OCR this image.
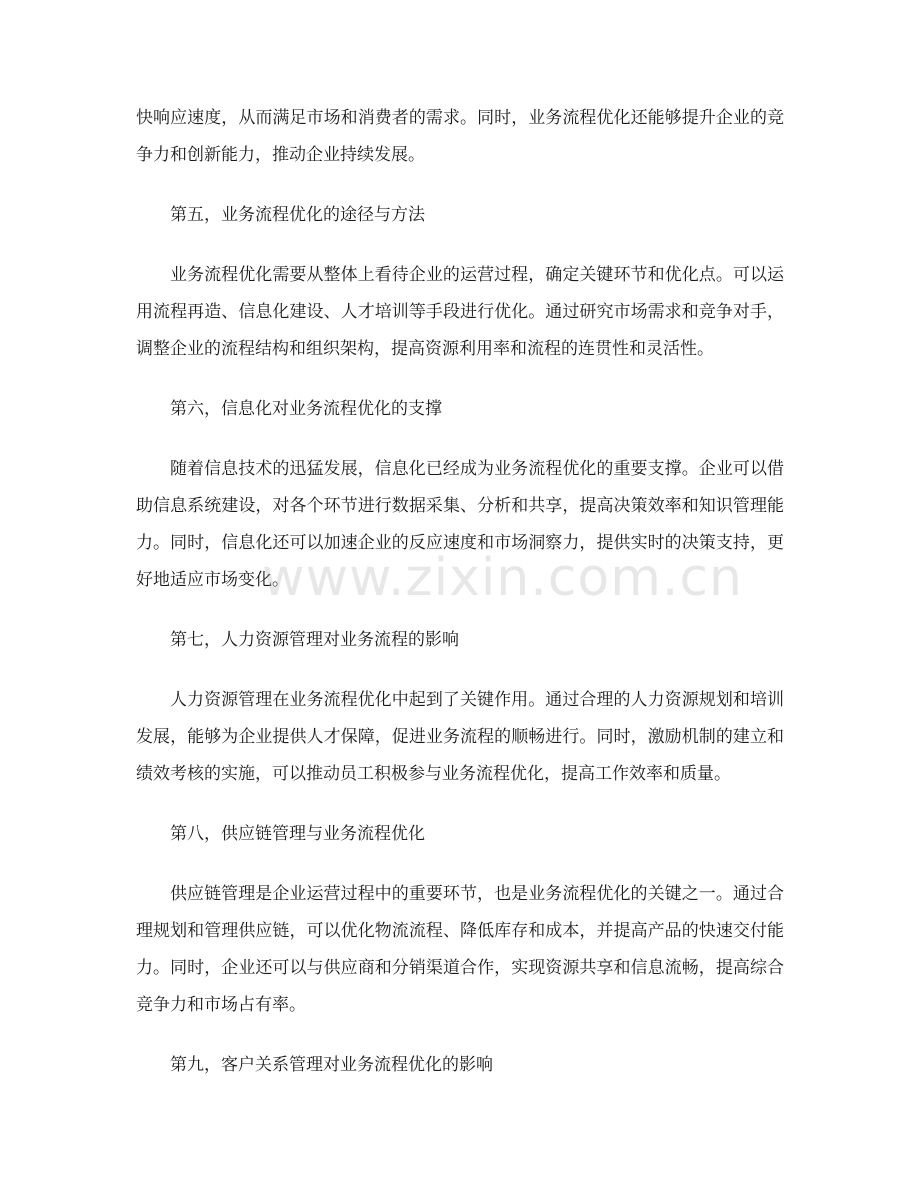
快响应速度，从而满足市场和消费者的需求。同时，业务流程优化还能够提升企业的竞争力和创新能力，推动企业持续发展。

第五，业务流程优化的途径与方法

业务流程优化需要从整体上看待企业的运营过程，确定关键环节和优化点。可以运用流程再造、信息化建设、人才培训等手段进行优化。通过研究市场需求和竞争对手，调整企业的流程结构和组织架构，提高资源利用率和流程的连贯性和灵活性。

第六，信息化对业务流程优化的支撑

随着信息技术的迅猛发展，信息化已经成为业务流程优化的重要支撑。企业可以借助信息系统建设，对各个环节进行数据采集、分析和共享，提高决策效率和知识管理能力。同时，信息化还可以加速企业的反应速度和市场洞察力，提供实时的决策支持，更好地适应市场变化。

第七，人力资源管理对业务流程的影响

人力资源管理在业务流程优化中起到了关键作用。通过合理的人力资源规划和培训发展，能够为企业提供人才保障，促进业务流程的顺畅进行。同时，激励机制的建立和绩效考核的实施，可以推动员工积极参与业务流程优化，提高工作效率和质量。

第八，供应链管理与业务流程优化

供应链管理是企业运营过程中的重要环节，也是业务流程优化的关键之一。通过合理规划和管理供应链，可以优化物流流程、降低库存和成本，并提高产品的快速交付能力。同时，企业还可以与供应商和分销渠道合作，实现资源共享和信息流畅，提高综合竞争力和市场占有率。

第九，客户关系管理对业务流程优化的影响

www.zixin.com.cn
